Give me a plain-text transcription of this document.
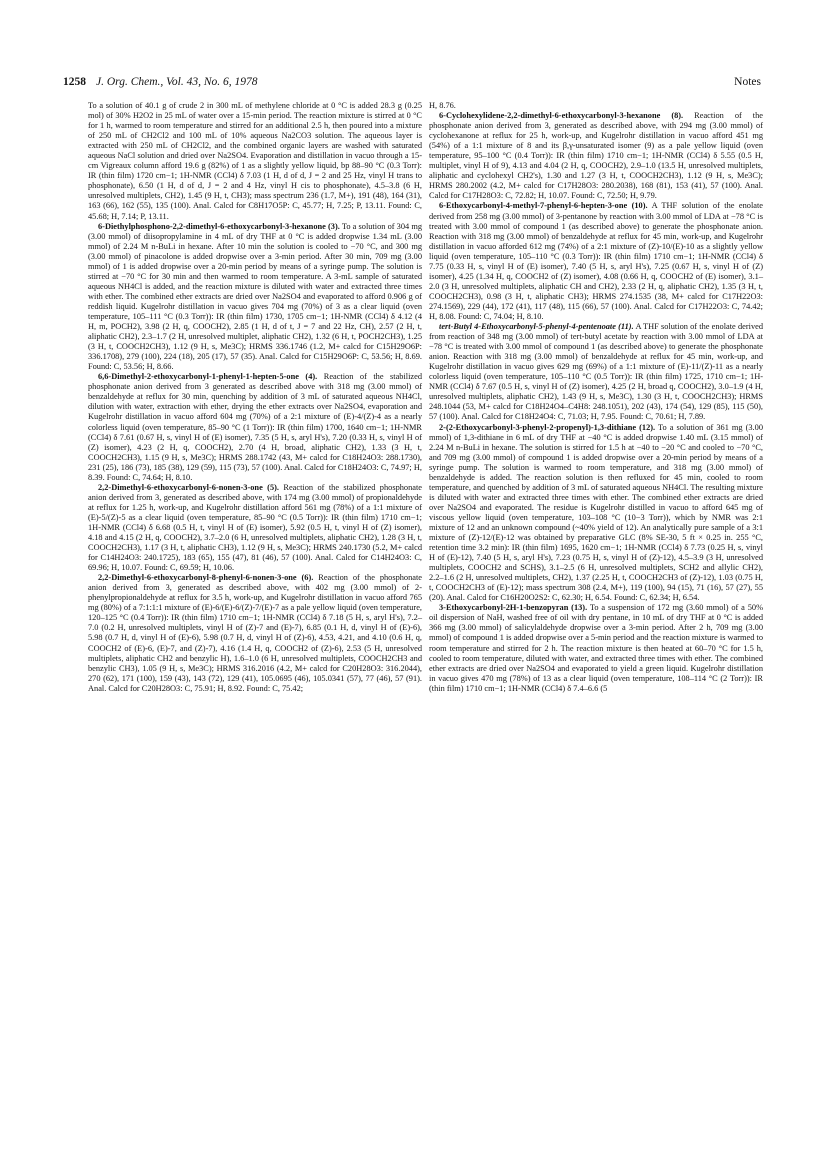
1258 J. Org. Chem., Vol. 43, No. 6, 1978	Notes

To a solution of 40.1 g of crude 2 in 300 mL of methylene chloride at 0 °C is added 28.3 g (0.25 mol) of 30% H2O2 in 25 mL of water over a 15-min period. The reaction mixture is stirred at 0 °C for 1 h, warmed to room temperature and stirred for an additional 2.5 h, then poured into a mixture of 250 mL of CH2Cl2 and 100 mL of 10% aqueous Na2CO3 solution. The aqueous layer is extracted with 250 mL of CH2Cl2, and the combined organic layers are washed with saturated aqueous NaCl solution and dried over Na2SO4. Evaporation and distillation in vacuo through a 15-cm Vigreaux column afford 19.6 g (82%) of 1 as a slightly yellow liquid, bp 88–90 °C (0.3 Torr): IR (thin film) 1720 cm−1; 1H-NMR (CCl4) δ 7.03 (1 H, d of d, J = 2 and 25 Hz, vinyl H trans to phosphonate), 6.50 (1 H, d of d, J = 2 and 4 Hz, vinyl H cis to phosphonate), 4.5–3.8 (6 H, unresolved multiplets, CH2), 1.45 (9 H, t, CH3); mass spectrum 236 (1.7, M+), 191 (48), 164 (31), 163 (66), 162 (55), 135 (100). Anal. Calcd for C8H17O5P: C, 45.77; H, 7.25; P, 13.11. Found: C, 45.68; H, 7.14; P, 13.11.

6-Diethylphosphono-2,2-dimethyl-6-ethoxycarbonyl-3-hexanone (3). To a solution of 304 mg (3.00 mmol) of diisopropylamine in 4 mL of dry THF at 0 °C is added dropwise 1.34 mL (3.00 mmol) of 2.24 M n-BuLi in hexane. After 10 min the solution is cooled to −70 °C, and 300 mg (3.00 mmol) of pinacolone is added dropwise over a 3-min period. After 30 min, 709 mg (3.00 mmol) of 1 is added dropwise over a 20-min period by means of a syringe pump. The solution is stirred at −70 °C for 30 min and then warmed to room temperature. A 3-mL sample of saturated aqueous NH4Cl is added, and the reaction mixture is diluted with water and extracted three times with ether. The combined ether extracts are dried over Na2SO4 and evaporated to afford 0.906 g of reddish liquid. Kugelrohr distillation in vacuo gives 704 mg (70%) of 3 as a clear liquid (oven temperature, 105–111 °C (0.3 Torr)): IR (thin film) 1730, 1705 cm−1; 1H-NMR (CCl4) δ 4.12 (4 H, m, POCH2), 3.98 (2 H, q, COOCH2), 2.85 (1 H, d of t, J = 7 and 22 Hz, CH), 2.57 (2 H, t, aliphatic CH2), 2.3–1.7 (2 H, unresolved multiplet, aliphatic CH2), 1.32 (6 H, t, POCH2CH3), 1.25 (3 H, t, COOCH2CH3), 1.12 (9 H, s, Me3C); HRMS 336.1746 (1.2, M+ calcd for C15H29O6P: 336.1708), 279 (100), 224 (18), 205 (17), 57 (35). Anal. Calcd for C15H29O6P: C, 53.56; H, 8.69. Found: C, 53.56; H, 8.66.

6,6-Dimethyl-2-ethoxycarbonyl-1-phenyl-1-hepten-5-one (4). Reaction of the stabilized phosphonate anion derived from 3 generated as described above with 318 mg (3.00 mmol) of benzaldehyde at reflux for 30 min, quenching by addition of 3 mL of saturated aqueous NH4Cl, dilution with water, extraction with ether, drying the ether extracts over Na2SO4, evaporation and Kugelrohr distillation in vacuo afford 604 mg (70%) of a 2:1 mixture of (E)-4/(Z)-4 as a nearly colorless liquid (oven temperature, 85–90 °C (1 Torr)): IR (thin film) 1700, 1640 cm−1; 1H-NMR (CCl4) δ 7.61 (0.67 H, s, vinyl H of (E) isomer), 7.35 (5 H, s, aryl H's), 7.20 (0.33 H, s, vinyl H of (Z) isomer), 4.23 (2 H, q, COOCH2), 2.70 (4 H, broad, aliphatic CH2), 1.33 (3 H, t, COOCH2CH3), 1.15 (9 H, s, Me3C); HRMS 288.1742 (43, M+ calcd for C18H24O3: 288.1730), 231 (25), 186 (73), 185 (38), 129 (59), 115 (73), 57 (100). Anal. Calcd for C18H24O3: C, 74.97; H, 8.39. Found: C, 74.64; H, 8.10.

2,2-Dimethyl-6-ethoxycarbonyl-6-nonen-3-one (5). Reaction of the stabilized phosphonate anion derived from 3, generated as described above, with 174 mg (3.00 mmol) of propionaldehyde at reflux for 1.25 h, work-up, and Kugelrohr distillation afford 561 mg (78%) of a 1:1 mixture of (E)-5/(Z)-5 as a clear liquid (oven temperature, 85–90 °C (0.5 Torr)): IR (thin film) 1710 cm−1; 1H-NMR (CCl4) δ 6.68 (0.5 H, t, vinyl H of (E) isomer), 5.92 (0.5 H, t, vinyl H of (Z) isomer), 4.18 and 4.15 (2 H, q, COOCH2), 3.7–2.0 (6 H, unresolved multiplets, aliphatic CH2), 1.28 (3 H, t, COOCH2CH3), 1.17 (3 H, t, aliphatic CH3), 1.12 (9 H, s, Me3C); HRMS 240.1730 (5.2, M+ calcd for C14H24O3: 240.1725), 183 (65), 155 (47), 81 (46), 57 (100). Anal. Calcd for C14H24O3: C, 69.96; H, 10.07. Found: C, 69.59; H, 10.06.

2,2-Dimethyl-6-ethoxycarbonyl-8-phenyl-6-nonen-3-one (6). Reaction of the phosphonate anion derived from 3, generated as described above, with 402 mg (3.00 mmol) of 2-phenylpropionaldehyde at reflux for 3.5 h, work-up, and Kugelrohr distillation in vacuo afford 765 mg (80%) of a 7:1:1:1 mixture of (E)-6/(E)-6/(Z)-7/(E)-7 as a pale yellow liquid (oven temperature, 120–125 °C (0.4 Torr)): IR (thin film) 1710 cm−1; 1H-NMR (CCl4) δ 7.18 (5 H, s, aryl H's), 7.2–7.0 (0.2 H, unresolved multiplets, vinyl H of (Z)-7 and (E)-7), 6.85 (0.1 H, d, vinyl H of (E)-6), 5.98 (0.7 H, d, vinyl H of (E)-6), 5.98 (0.7 H, d, vinyl H of (Z)-6), 4.53, 4.21, and 4.10 (0.6 H, q, COOCH2 of (E)-6, (E)-7, and (Z)-7), 4.16 (1.4 H, q, COOCH2 of (Z)-6), 2.53 (5 H, unresolved multiplets, aliphatic CH2 and benzylic H), 1.6–1.0 (6 H, unresolved multiplets, COOCH2CH3 and benzylic CH3), 1.05 (9 H, s, Me3C); HRMS 316.2016 (4.2, M+ calcd for C20H28O3: 316.2044), 270 (62), 171 (100), 159 (43), 143 (72), 129 (41), 105.0695 (46), 105.0341 (57), 77 (46), 57 (91). Anal. Calcd for C20H28O3: C, 75.91; H, 8.92. Found: C, 75.42;

H, 8.76.

6-Cyclohexylidene-2,2-dimethyl-6-ethoxycarbonyl-3-hexanone (8). Reaction of the phosphonate anion derived from 3, generated as described above, with 294 mg (3.00 mmol) of cyclohexanone at reflux for 25 h, work-up, and Kugelrohr distillation in vacuo afford 451 mg (54%) of a 1:1 mixture of 8 and its β,γ-unsaturated isomer (9) as a pale yellow liquid (oven temperature, 95–100 °C (0.4 Torr)): IR (thin film) 1710 cm−1; 1H-NMR (CCl4) δ 5.55 (0.5 H, multiplet, vinyl H of 9), 4.13 and 4.04 (2 H, q, COOCH2), 2.9–1.0 (13.5 H, unresolved multiplets, aliphatic and cyclohexyl CH2's), 1.30 and 1.27 (3 H, t, COOCH2CH3), 1.12 (9 H, s, Me3C); HRMS 280.2002 (4.2, M+ calcd for C17H28O3: 280.2038), 168 (81), 153 (41), 57 (100). Anal. Calcd for C17H28O3: C, 72.82; H, 10.07. Found: C, 72.50; H, 9.79.

6-Ethoxycarbonyl-4-methyl-7-phenyl-6-hepten-3-one (10). A THF solution of the enolate derived from 258 mg (3.00 mmol) of 3-pentanone by reaction with 3.00 mmol of LDA at −78 °C is treated with 3.00 mmol of compound 1 (as described above) to generate the phosphonate anion. Reaction with 318 mg (3.00 mmol) of benzaldehyde at reflux for 45 min, work-up, and Kugelrohr distillation in vacuo afforded 612 mg (74%) of a 2:1 mixture of (Z)-10/(E)-10 as a slightly yellow liquid (oven temperature, 105–110 °C (0.3 Torr)): IR (thin film) 1710 cm−1; 1H-NMR (CCl4) δ 7.75 (0.33 H, s, vinyl H of (E) isomer), 7.40 (5 H, s, aryl H's), 7.25 (0.67 H, s, vinyl H of (Z) isomer), 4.25 (1.34 H, q, COOCH2 of (Z) isomer), 4.08 (0.66 H, q, COOCH2 of (E) isomer), 3.1–2.0 (3 H, unresolved multiplets, aliphatic CH and CH2), 2.33 (2 H, q, aliphatic CH2), 1.35 (3 H, t, COOCH2CH3), 0.98 (3 H, t, aliphatic CH3); HRMS 274.1535 (38, M+ calcd for C17H22O3: 274.1569), 229 (44), 172 (41), 117 (48), 115 (66), 57 (100). Anal. Calcd for C17H22O3: C, 74.42; H, 8.08. Found: C, 74.04; H, 8.10.

tert-Butyl 4-Ethoxycarbonyl-5-phenyl-4-pentenoate (11). A THF solution of the enolate derived from reaction of 348 mg (3.00 mmol) of tert-butyl acetate by reaction with 3.00 mmol of LDA at −78 °C is treated with 3.00 mmol of compound 1 (as described above) to generate the phosphonate anion. Reaction with 318 mg (3.00 mmol) of benzaldehyde at reflux for 45 min, work-up, and Kugelrohr distillation in vacuo gives 629 mg (69%) of a 1:1 mixture of (E)-11/(Z)-11 as a nearly colorless liquid (oven temperature, 105–110 °C (0.5 Torr)): IR (thin film) 1725, 1710 cm−1; 1H-NMR (CCl4) δ 7.67 (0.5 H, s, vinyl H of (Z) isomer), 4.25 (2 H, broad q, COOCH2), 3.0–1.9 (4 H, unresolved multiplets, aliphatic CH2), 1.43 (9 H, s, Me3C), 1.30 (3 H, t, COOCH2CH3); HRMS 248.1044 (53, M+ calcd for C18H24O4–C4H8: 248.1051), 202 (43), 174 (54), 129 (85), 115 (50), 57 (100). Anal. Calcd for C18H24O4: C, 71.03; H, 7.95. Found: C, 70.61; H, 7.89.

2-(2-Ethoxycarbonyl-3-phenyl-2-propenyl)-1,3-dithiane (12). To a solution of 361 mg (3.00 mmol) of 1,3-dithiane in 6 mL of dry THF at −40 °C is added dropwise 1.40 mL (3.15 mmol) of 2.24 M n-BuLi in hexane. The solution is stirred for 1.5 h at −40 to −20 °C and cooled to −70 °C, and 709 mg (3.00 mmol) of compound 1 is added dropwise over a 20-min period by means of a syringe pump. The solution is warmed to room temperature, and 318 mg (3.00 mmol) of benzaldehyde is added. The reaction solution is then refluxed for 45 min, cooled to room temperature, and quenched by addition of 3 mL of saturated aqueous NH4Cl. The resulting mixture is diluted with water and extracted three times with ether. The combined ether extracts are dried over Na2SO4 and evaporated. The residue is Kugelrohr distilled in vacuo to afford 645 mg of viscous yellow liquid (oven temperature, 103–108 °C (10−3 Torr)), which by NMR was 2:1 mixture of 12 and an unknown compound (~40% yield of 12). An analytically pure sample of a 3:1 mixture of (Z)-12/(E)-12 was obtained by preparative GLC (8% SE-30, 5 ft × 0.25 in. 255 °C, retention time 3.2 min): IR (thin film) 1695, 1620 cm−1; 1H-NMR (CCl4) δ 7.73 (0.25 H, s, vinyl H of (E)-12), 7.40 (5 H, s, aryl H's), 7.23 (0.75 H, s, vinyl H of (Z)-12), 4.5–3.9 (3 H, unresolved multiplets, COOCH2 and SCHS), 3.1–2.5 (6 H, unresolved multiplets, SCH2 and allylic CH2), 2.2–1.6 (2 H, unresolved multiplets, CH2), 1.37 (2.25 H, t, COOCH2CH3 of (Z)-12), 1.03 (0.75 H, t, COOCH2CH3 of (E)-12); mass spectrum 308 (2.4, M+), 119 (100), 94 (15), 71 (16), 57 (27), 55 (20). Anal. Calcd for C16H20O2S2: C, 62.30; H, 6.54. Found: C, 62.34; H, 6.54.

3-Ethoxycarbonyl-2H-1-benzopyran (13). To a suspension of 172 mg (3.60 mmol) of a 50% oil dispersion of NaH, washed free of oil with dry pentane, in 10 mL of dry THF at 0 °C is added 366 mg (3.00 mmol) of salicylaldehyde dropwise over a 3-min period. After 2 h, 709 mg (3.00 mmol) of compound 1 is added dropwise over a 5-min period and the reaction mixture is warmed to room temperature and stirred for 2 h. The reaction mixture is then heated at 60–70 °C for 1.5 h, cooled to room temperature, diluted with water, and extracted three times with ether. The combined ether extracts are dried over Na2SO4 and evaporated to yield a green liquid. Kugelrohr distillation in vacuo gives 470 mg (78%) of 13 as a clear liquid (oven temperature, 108–114 °C (2 Torr)): IR (thin film) 1710 cm−1; 1H-NMR (CCl4) δ 7.4–6.6 (5
